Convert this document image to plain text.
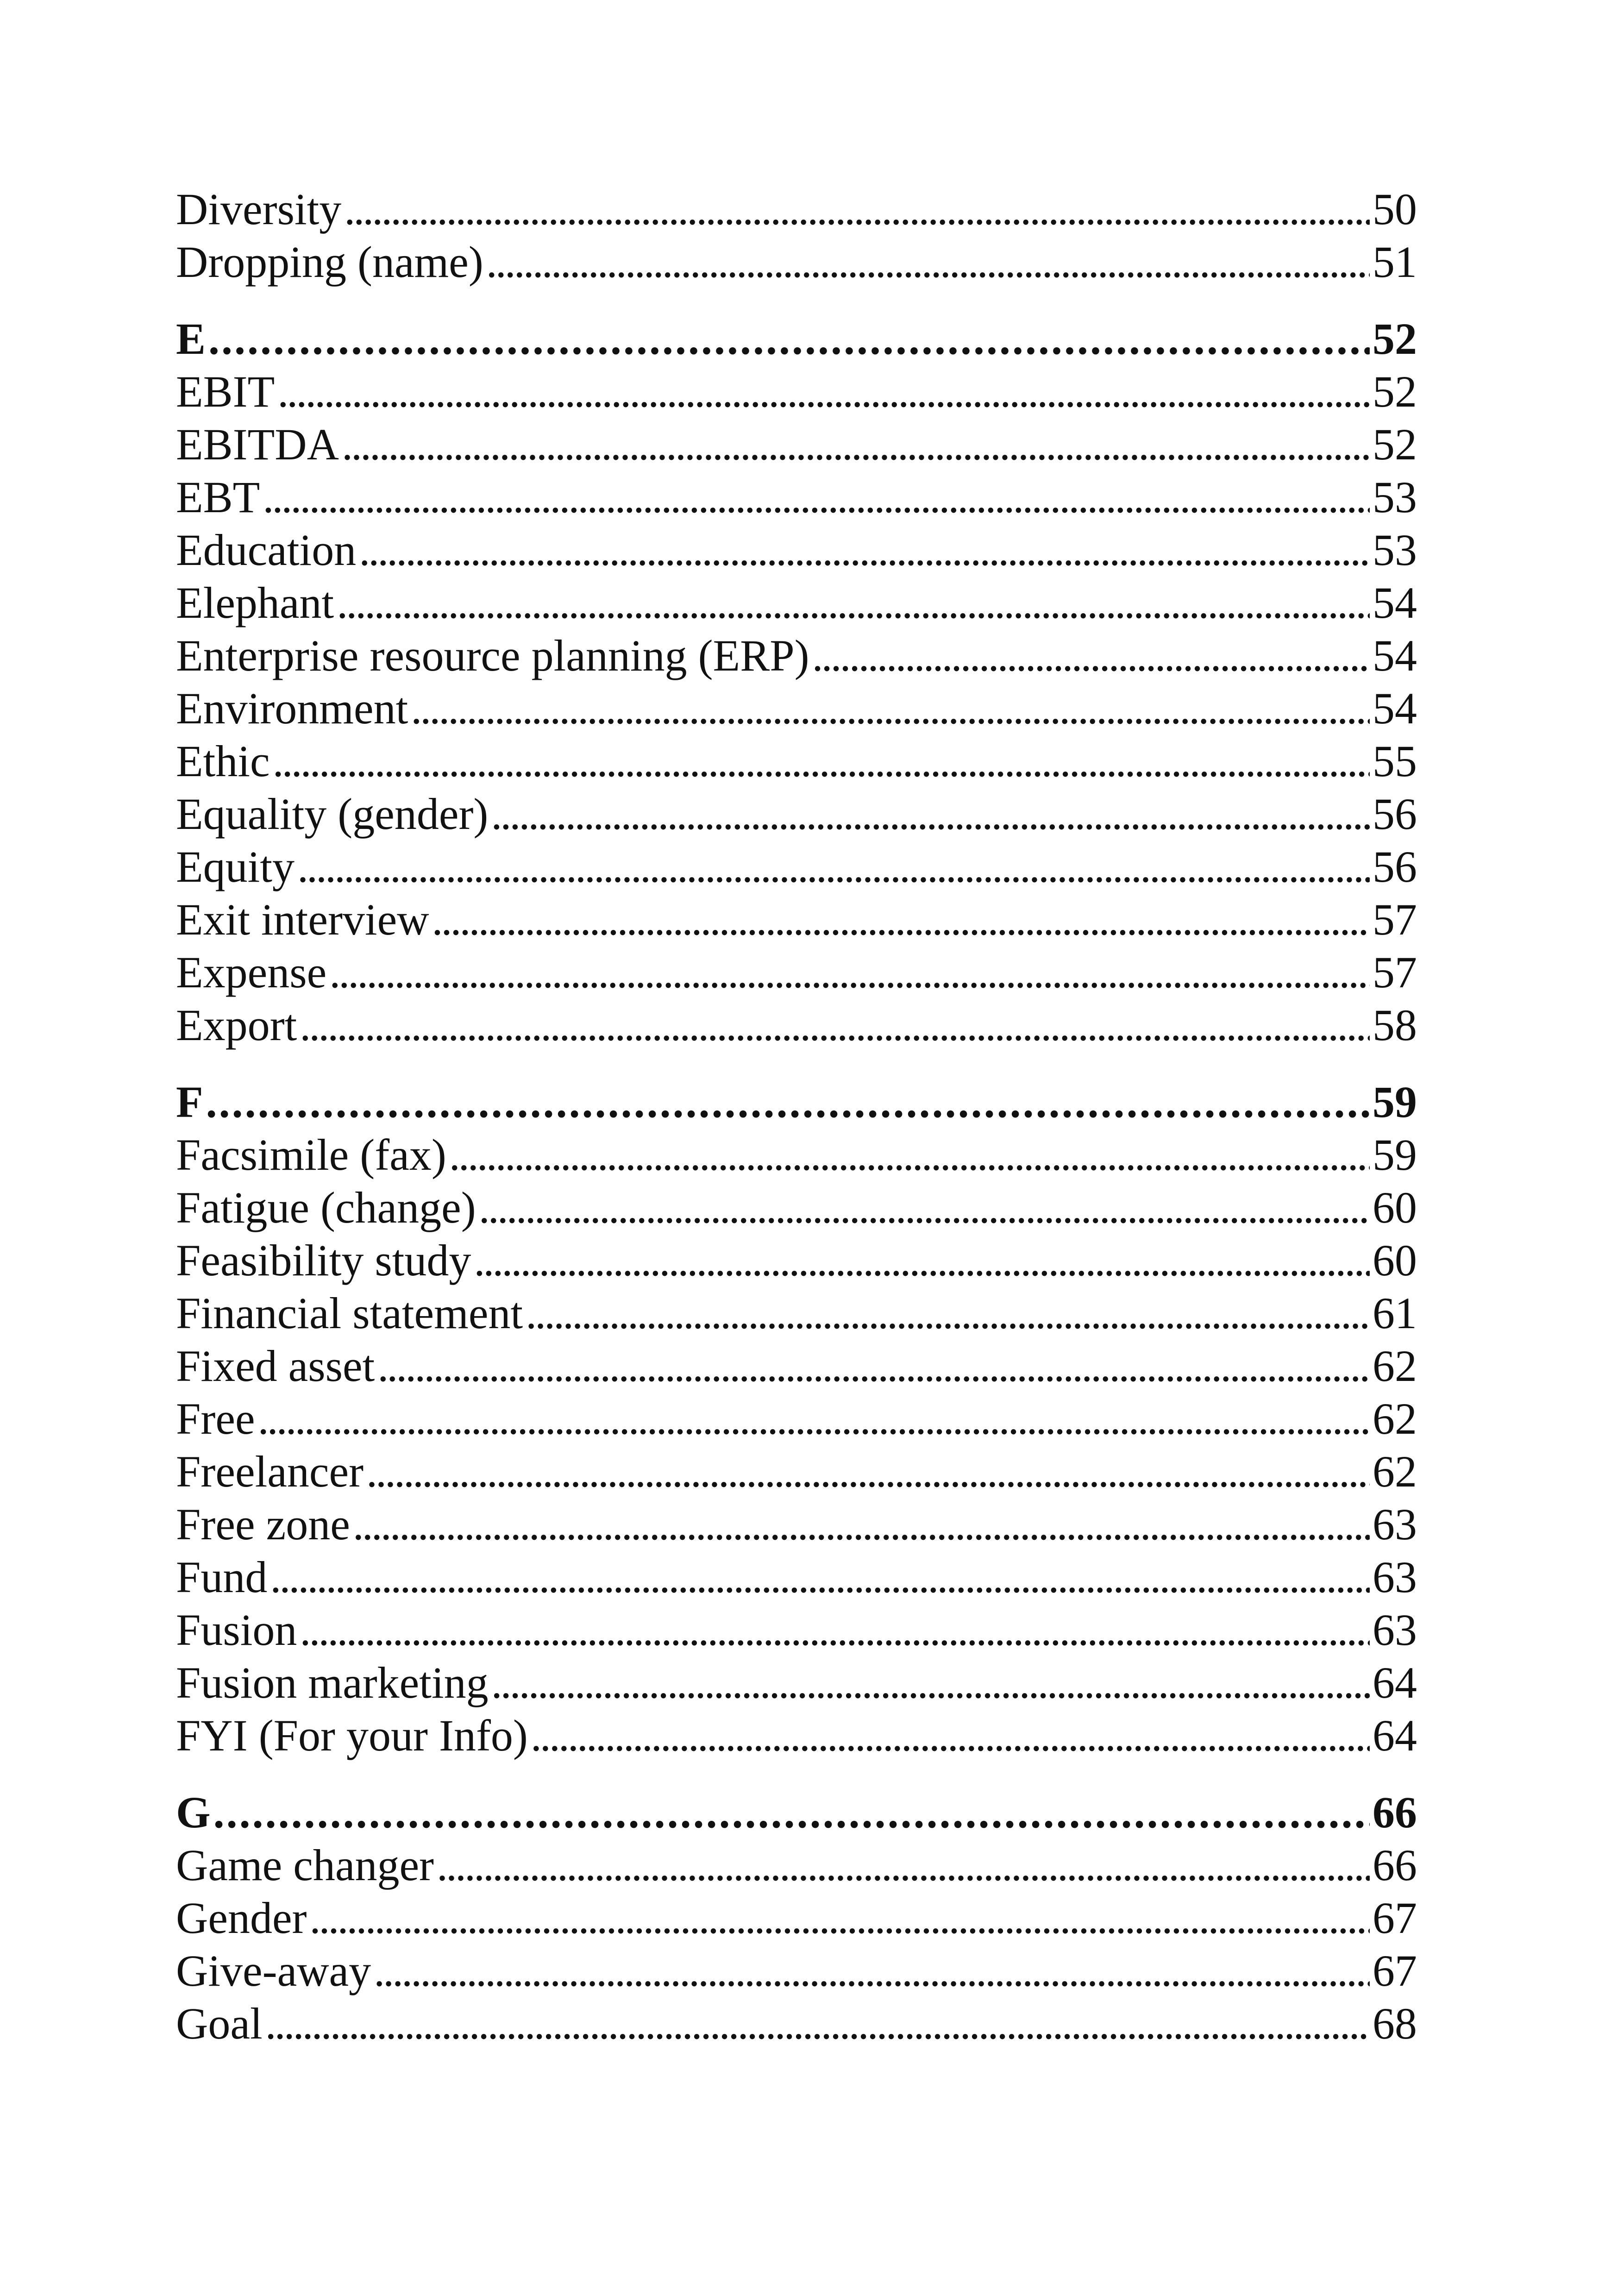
Diversity . . .	50
Dropping (name) . . .	51
E . . .	52
EBIT . . .	52
EBITDA . . .	52
EBT . . .	53
Education . . .	53
Elephant . . .	54
Enterprise resource planning (ERP) . . .	54
Environment . . .	54
Ethic . . .	55
Equality (gender) . . .	56
Equity . . .	56
Exit interview . . .	57
Expense . . .	57
Export . . .	58
F . . .	59
Facsimile (fax) . . .	59
Fatigue (change) . . .	60
Feasibility study . . .	60
Financial statement . . .	61
Fixed asset . . .	62
Free . . .	62
Freelancer . . .	62
Free zone . . .	63
Fund . . .	63
Fusion . . .	63
Fusion marketing . . .	64
FYI (For your Info) . . .	64
G . . .	66
Game changer . . .	66
Gender . . .	67
Give-away . . .	67
Goal . . .	68
